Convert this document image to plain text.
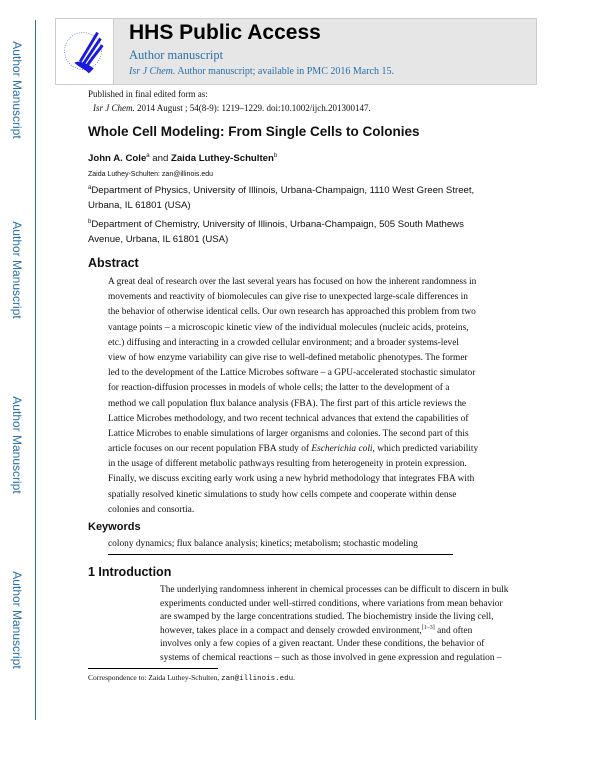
Author Manuscript
Author Manuscript
Author Manuscript
Author Manuscript
HHS Public Access
Author manuscript
Isr J Chem. Author manuscript; available in PMC 2016 March 15.
Published in final edited form as:
Isr J Chem. 2014 August ; 54(8-9): 1219–1229. doi:10.1002/ijch.201300147.
Whole Cell Modeling: From Single Cells to Colonies
John A. Cole$^a$ and Zaida Luthey-Schulten$^b$
Zaida Luthey-Schulten: zan@illinois.edu
$^a$Department of Physics, University of Illinois, Urbana-Champaign, 1110 West Green Street,
Urbana, IL 61801 (USA)
$^b$Department of Chemistry, University of Illinois, Urbana-Champaign, 505 South Mathews
Avenue, Urbana, IL 61801 (USA)
Abstract
A great deal of research over the last several years has focused on how the inherent randomness in
movements and reactivity of biomolecules can give rise to unexpected large-scale differences in
the behavior of otherwise identical cells. Our own research has approached this problem from two
vantage points – a microscopic kinetic view of the individual molecules (nucleic acids, proteins,
etc.) diffusing and interacting in a crowded cellular environment; and a broader systems-level
view of how enzyme variability can give rise to well-defined metabolic phenotypes. The former
led to the development of the Lattice Microbes software – a GPU-accelerated stochastic simulator
for reaction-diffusion processes in models of whole cells; the latter to the development of a
method we call population flux balance analysis (FBA). The first part of this article reviews the
Lattice Microbes methodology, and two recent technical advances that extend the capabilities of
Lattice Microbes to enable simulations of larger organisms and colonies. The second part of this
article focuses on our recent population FBA study of Escherichia coli, which predicted variability
in the usage of different metabolic pathways resulting from heterogeneity in protein expression.
Finally, we discuss exciting early work using a new hybrid methodology that integrates FBA with
spatially resolved kinetic simulations to study how cells compete and cooperate within dense
colonies and consortia.
Keywords
colony dynamics; flux balance analysis; kinetics; metabolism; stochastic modeling
1 Introduction
The underlying randomness inherent in chemical processes can be difficult to discern in bulk
experiments conducted under well-stirred conditions, where variations from mean behavior
are swamped by the large concentrations studied. The biochemistry inside the living cell,
however, takes place in a compact and densely crowded environment,[1–3] and often
involves only a few copies of a given reactant. Under these conditions, the behavior of
systems of chemical reactions – such as those involved in gene expression and regulation –
Correspondence to: Zaida Luthey-Schulten, zan@illinois.edu.
